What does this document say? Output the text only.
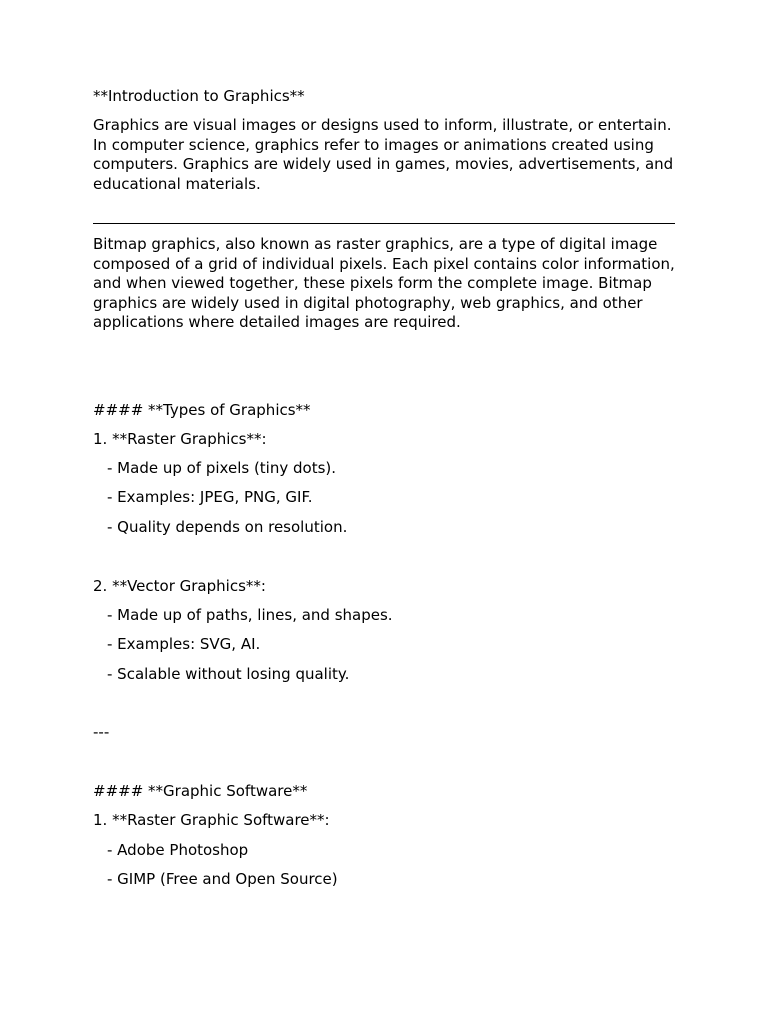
**Introduction to Graphics**
Graphics are visual images or designs used to inform, illustrate, or entertain. In computer science, graphics refer to images or animations created using computers. Graphics are widely used in games, movies, advertisements, and educational materials.
Bitmap graphics, also known as raster graphics, are a type of digital image composed of a grid of individual pixels. Each pixel contains color information, and when viewed together, these pixels form the complete image. Bitmap graphics are widely used in digital photography, web graphics, and other applications where detailed images are required.
#### **Types of Graphics**
1. **Raster Graphics**:
- Made up of pixels (tiny dots).
- Examples: JPEG, PNG, GIF.
- Quality depends on resolution.
2. **Vector Graphics**:
- Made up of paths, lines, and shapes.
- Examples: SVG, AI.
- Scalable without losing quality.
---
#### **Graphic Software**
1. **Raster Graphic Software**:
- Adobe Photoshop
- GIMP (Free and Open Source)
